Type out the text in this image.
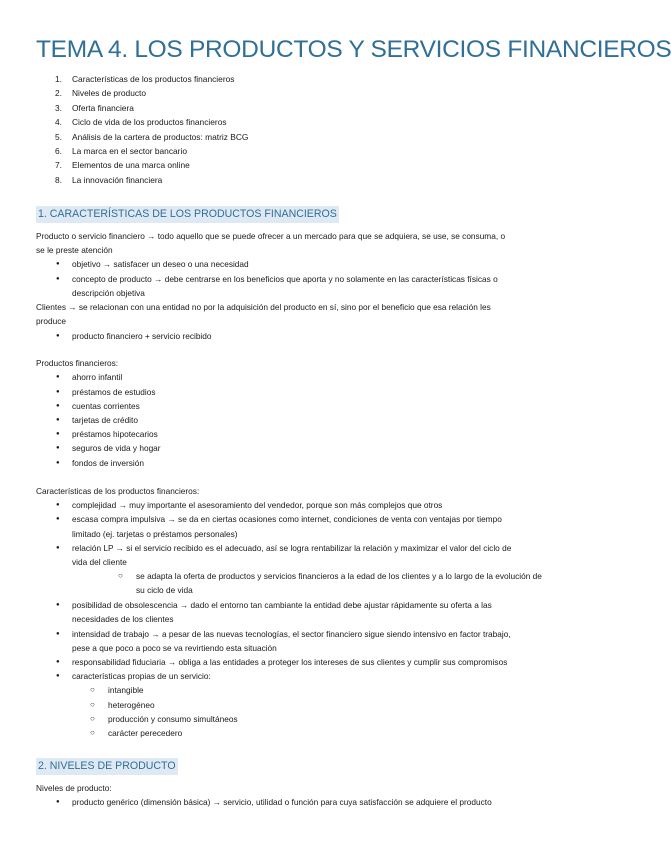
TEMA 4. LOS PRODUCTOS Y SERVICIOS FINANCIEROS
1. Características de los productos financieros
2. Niveles de producto
3. Oferta financiera
4. Ciclo de vida de los productos financieros
5. Análisis de la cartera de productos: matriz BCG
6. La marca en el sector bancario
7. Elementos de una marca online
8. La innovación financiera
1. CARACTERÍSTICAS DE LOS PRODUCTOS FINANCIEROS
Producto o servicio financiero → todo aquello que se puede ofrecer a un mercado para que se adquiera, se use, se consuma, o
se le preste atención
● objetivo → satisfacer un deseo o una necesidad
● concepto de producto → debe centrarse en los beneficios que aporta y no solamente en las características físicas o
descripción objetiva
Clientes → se relacionan con una entidad no por la adquisición del producto en sí, sino por el beneficio que esa relación les
produce
● producto financiero + servicio recibido
Productos financieros:
● ahorro infantil
● préstamos de estudios
● cuentas corrientes
● tarjetas de crédito
● préstamos hipotecarios
● seguros de vida y hogar
● fondos de inversión
Características de los productos financieros:
● complejidad → muy importante el asesoramiento del vendedor, porque son más complejos que otros
● escasa compra impulsiva → se da en ciertas ocasiones como internet, condiciones de venta con ventajas por tiempo
limitado (ej. tarjetas o préstamos personales)
● relación LP → si el servicio recibido es el adecuado, así se logra rentabilizar la relación y maximizar el valor del ciclo de
vida del cliente
○ se adapta la oferta de productos y servicios financieros a la edad de los clientes y a lo largo de la evolución de
su ciclo de vida
● posibilidad de obsolescencia → dado el entorno tan cambiante la entidad debe ajustar rápidamente su oferta a las
necesidades de los clientes
● intensidad de trabajo → a pesar de las nuevas tecnologías, el sector financiero sigue siendo intensivo en factor trabajo,
pese a que poco a poco se va revirtiendo esta situación
● responsabilidad fiduciaria → obliga a las entidades a proteger los intereses de sus clientes y cumplir sus compromisos
● características propias de un servicio:
○ intangible
○ heterogéneo
○ producción y consumo simultáneos
○ carácter perecedero
2. NIVELES DE PRODUCTO
Niveles de producto:
● producto genérico (dimensión básica) → servicio, utilidad o función para cuya satisfacción se adquiere el producto
